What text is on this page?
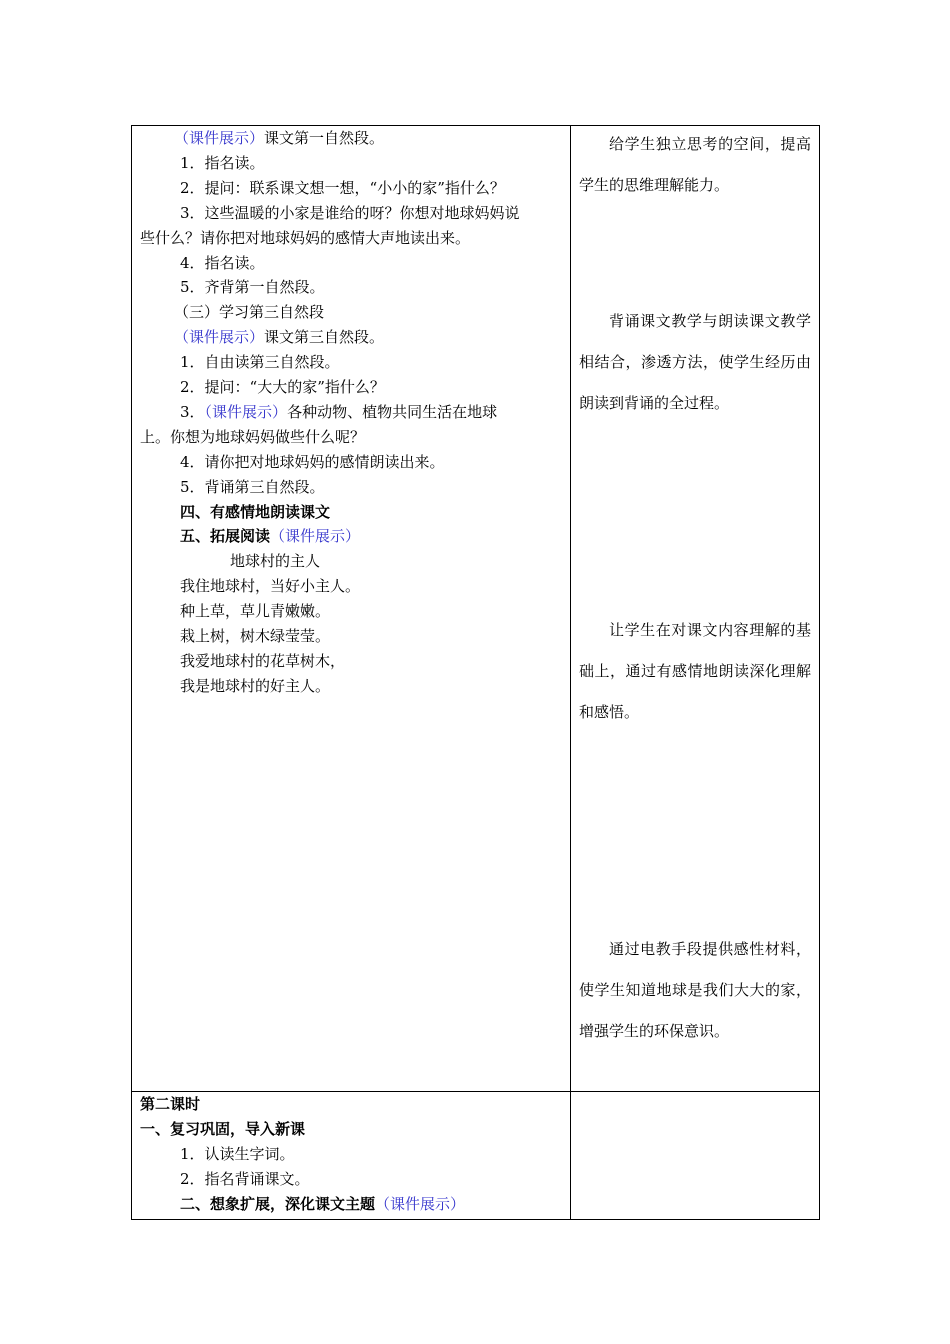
（课件展示）课文第一自然段。
1．指名读。
2．提问：联系课文想一想，“小小的家”指什么？
3．这些温暖的小家是谁给的呀？你想对地球妈妈说
些什么？请你把对地球妈妈的感情大声地读出来。
4．指名读。
5．齐背第一自然段。
（三）学习第三自然段
（课件展示）课文第三自然段。
1．自由读第三自然段。
2．提问：“大大的家”指什么？
3．（课件展示）各种动物、植物共同生活在地球
上。你想为地球妈妈做些什么呢？
4．请你把对地球妈妈的感情朗读出来。
5．背诵第三自然段。
四、有感情地朗读课文
五、拓展阅读（课件展示）
地球村的主人
我住地球村，当好小主人。
种上草，草儿青嫩嫩。
栽上树，树木绿莹莹。
我爱地球村的花草树木，
我是地球村的好主人。
给学生独立思考的空间，提高学生的思维理解能力。
背诵课文教学与朗读课文教学相结合，渗透方法，使学生经历由朗读到背诵的全过程。
让学生在对课文内容理解的基础上，通过有感情地朗读深化理解和感悟。
通过电教手段提供感性材料，使学生知道地球是我们大大的家，增强学生的环保意识。
第二课时
一、复习巩固，导入新课
1．认读生字词。
2．指名背诵课文。
二、想象扩展，深化课文主题（课件展示）
